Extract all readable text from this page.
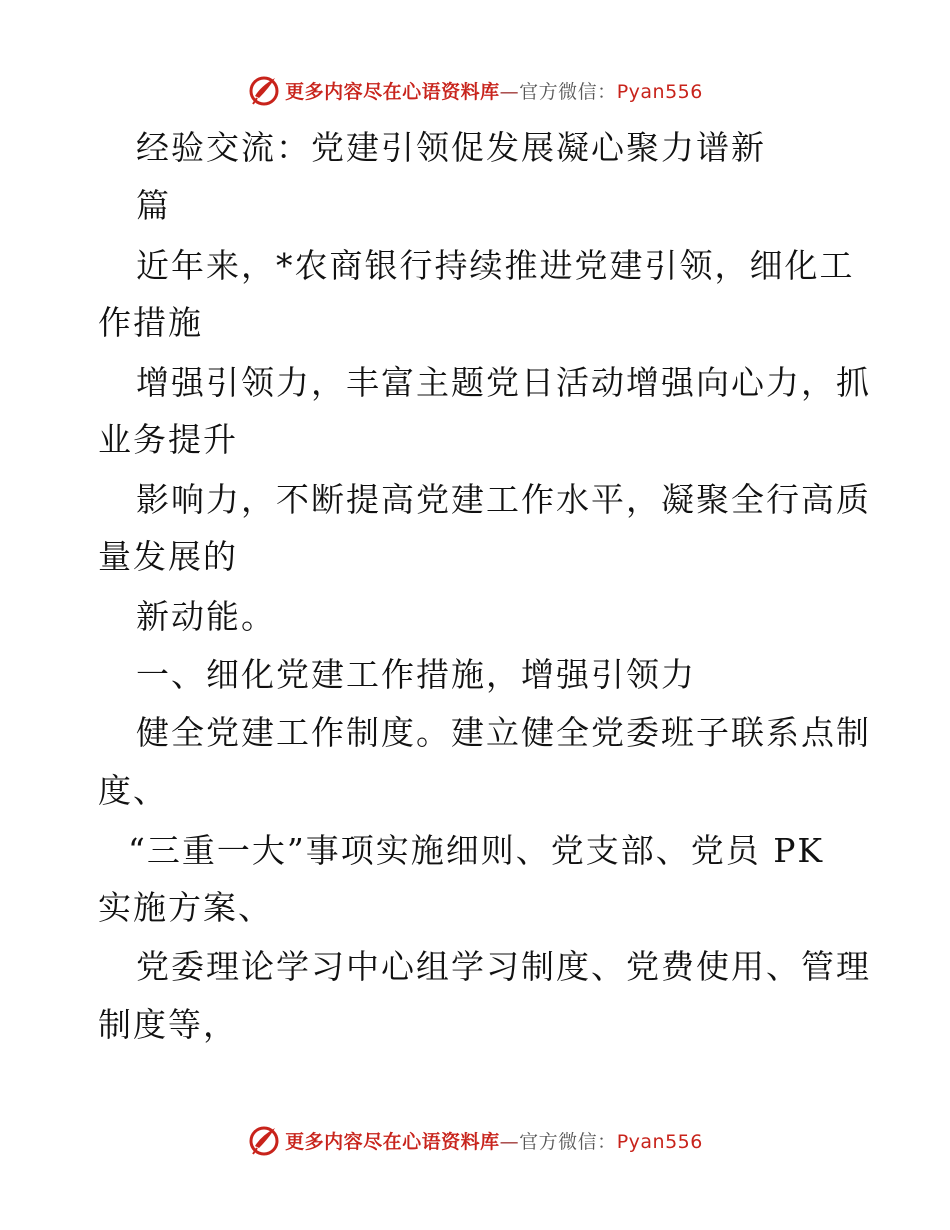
更多内容尽在心语资料库—官方微信：Pyan556
经验交流：党建引领促发展凝心聚力谱新
篇
近年来，*农商银行持续推进党建引领，细化工
作措施
增强引领力，丰富主题党日活动增强向心力，抓
业务提升
影响力，不断提高党建工作水平，凝聚全行高质
量发展的
新动能。
一、细化党建工作措施，增强引领力
健全党建工作制度。建立健全党委班子联系点制
度、
“三重一大”事项实施细则、党支部、党员 PK
实施方案、
党委理论学习中心组学习制度、党费使用、管理
制度等，
更多内容尽在心语资料库—官方微信：Pyan556
